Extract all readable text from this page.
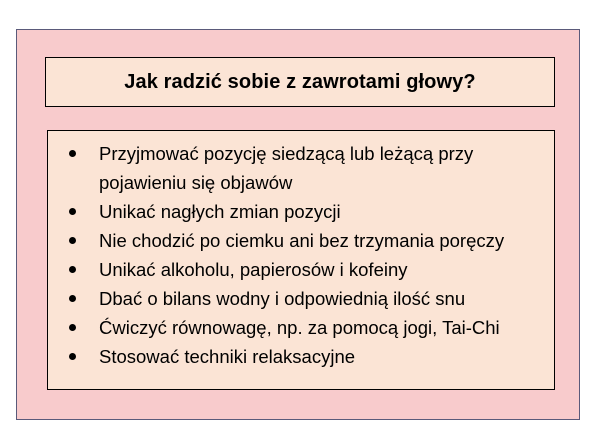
Jak radzić sobie z zawrotami głowy?
Przyjmować pozycję siedzącą lub leżącą przy pojawieniu się objawów
Unikać nagłych zmian pozycji
Nie chodzić po ciemku ani bez trzymania poręczy
Unikać alkoholu, papierosów i kofeiny
Dbać o bilans wodny i odpowiednią ilość snu
Ćwiczyć równowagę, np. za pomocą jogi, Tai-Chi
Stosować techniki relaksacyjne
